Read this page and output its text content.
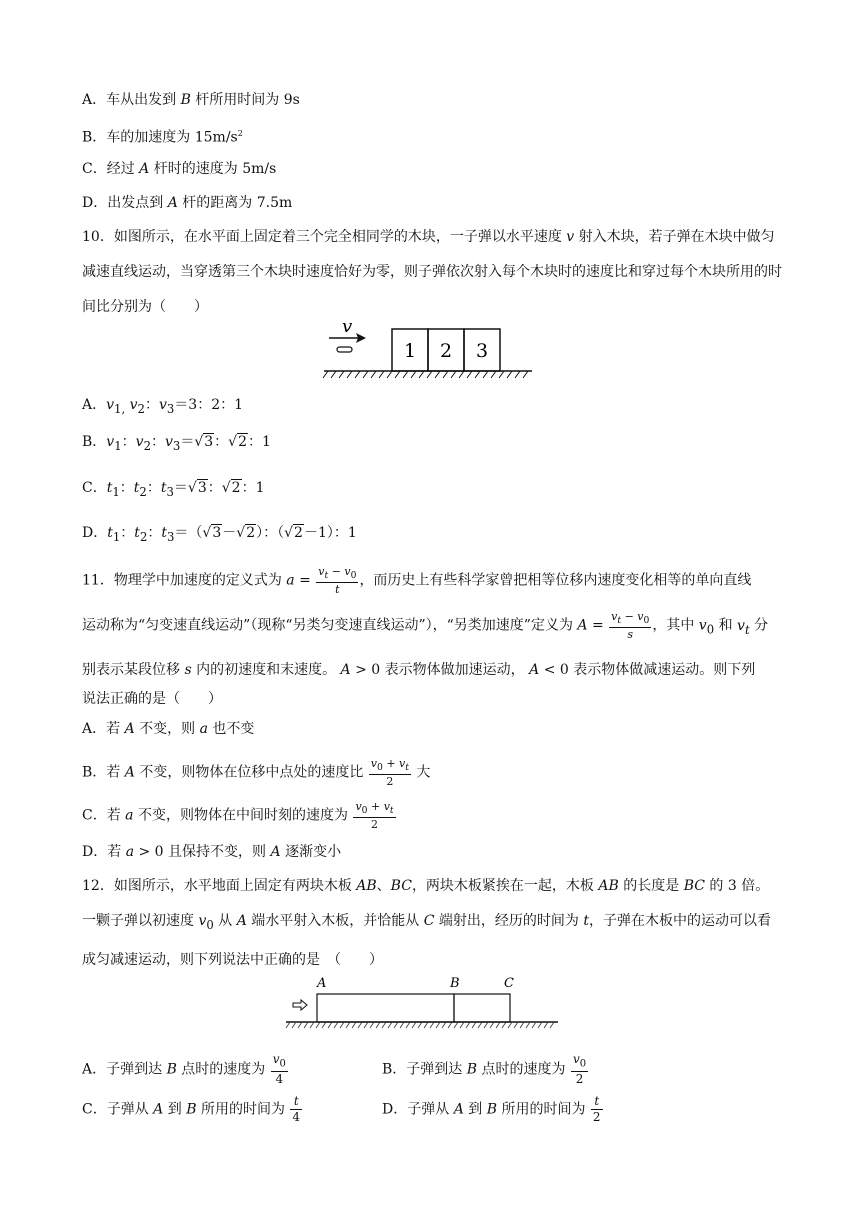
A．车从出发到 B 杆所用时间为 9s
B．车的加速度为 $15m/s^2$
C．经过 A 杆时的速度为 5m/s
D．出发点到 A 杆的距离为 7.5m
10．如图所示，在水平面上固定着三个完全相同学的木块，一子弹以水平速度 v 射入木块，若子弹在木块中做匀减速直线运动，当穿透第三个木块时速度恰好为零，则子弹依次射入每个木块时的速度比和穿过每个木块所用的时间比分别为（　　）
1 2 3
v
A．$v_{1,}$ $v_2$：$v_3=3$：2：1
B．$v_1$：$v_2$：$v_3=√3$：√2：1
C．$t_1$：$t_2$：$t_3=√3$：√2：1
D．$t_1$：$t_2$：$t_3=(√3-√2)$：（√2－1）：1
11．物理学中加速度的定义式为 $a = \frac{v_t - v_0}{t}$ ，而历史上有些科学家曾把相等位移内速度变化相等的单向直线
运动称为“匀变速直线运动”（现称“另类匀变速直线运动”），“另类加速度”定义为 $A = \frac{v_t - v_0}{s}$ ，其中 $v_0$ 和 $v_t$ 分
别表示某段位移 s 内的初速度和末速度。 A > 0 表示物体做加速运动， A < 0 表示物体做减速运动。则下列
说法正确的是（　　）
A．若 A 不变，则 a 也不变
B．若 A 不变，则物体在位移中点处的速度比 $\frac{v_0 + v_t}{2}$ 大
C．若 a 不变，则物体在中间时刻的速度为 $\frac{v_0 + v_t}{2}$
D．若 a > 0 且保持不变，则 A 逐渐变小
12．如图所示，水平地面上固定有两块木板 AB、BC，两块木板紧挨在一起，木板 AB 的长度是 BC 的 3 倍。一颗子弹以初速度 $v_0$ 从 A 端水平射入木板，并恰能从 C 端射出，经历的时间为 t，子弹在木板中的运动可以看成匀减速运动，则下列说法中正确的是　（　　）
A	B	C
A．子弹到达 B 点时的速度为 $\frac{v_0}{4}$	B．子弹到达 B 点时的速度为 $\frac{v_0}{2}$
C．子弹从 A 到 B 所用的时间为 $\frac{t}{4}$	D．子弹从 A 到 B 所用的时间为 $\frac{t}{2}$
